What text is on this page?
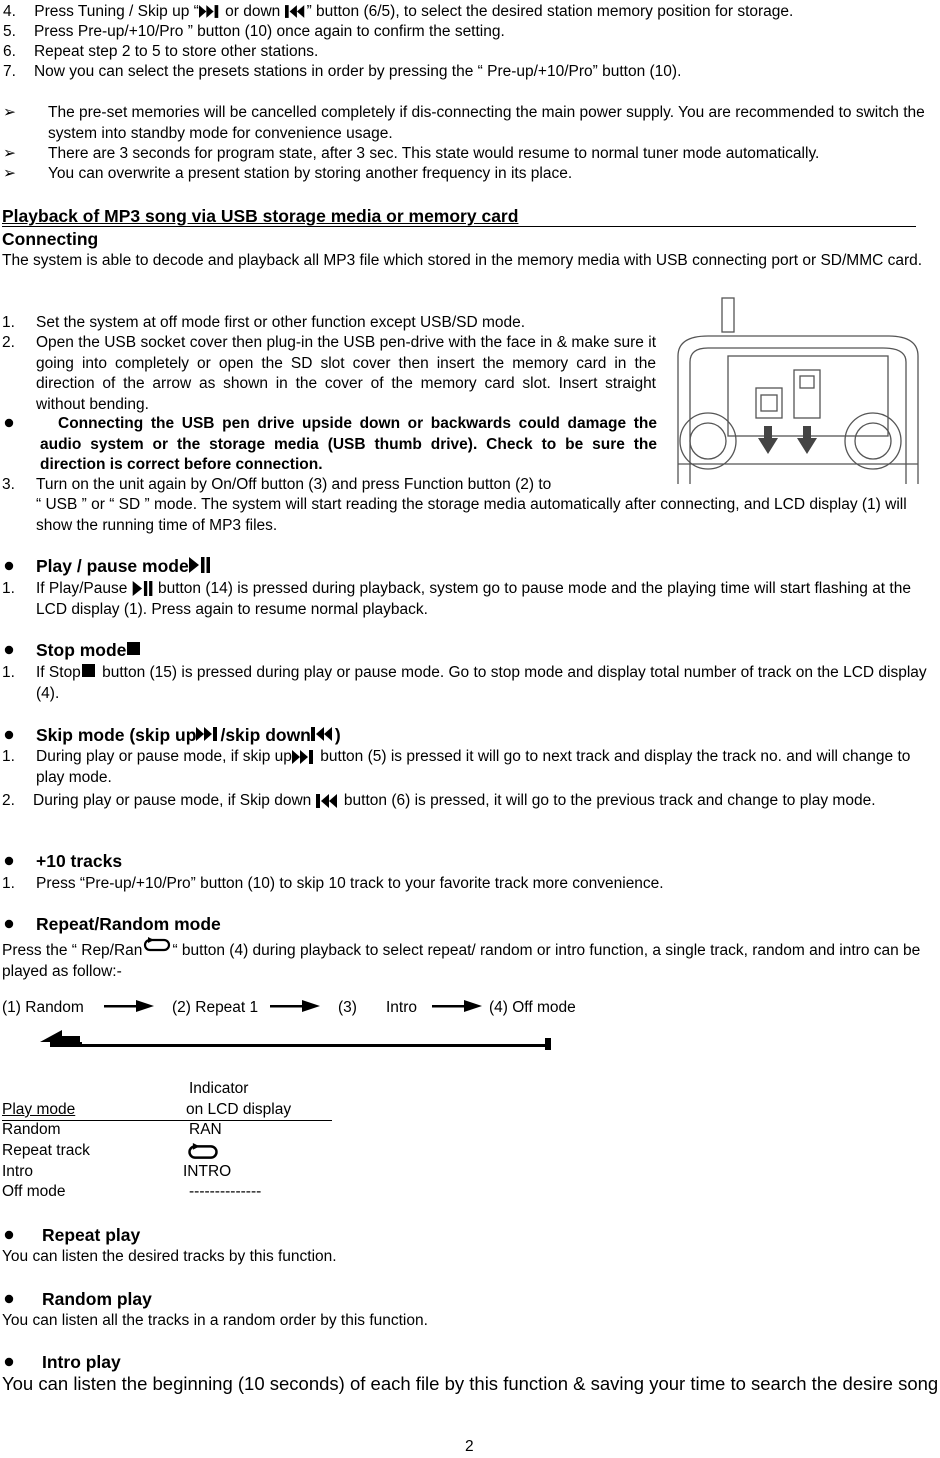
4. Press Tuning / Skip up “ or down ” button (6/5), to select the desired station memory position for storage.
5. Press Pre-up/+10/Pro ” button (10) once again to confirm the setting.
6. Repeat step 2 to 5 to store other stations.
7. Now you can select the presets stations in order by pressing the “ Pre-up/+10/Pro” button (10).
➢ The pre-set memories will be cancelled completely if dis-connecting the main power supply. You are recommended to switch the system into standby mode for convenience usage.
➢ There are 3 seconds for program state, after 3 sec. This state would resume to normal tuner mode automatically.
➢ You can overwrite a present station by storing another frequency in its place.
Playback of MP3 song via USB storage media or memory card
Connecting
The system is able to decode and playback all MP3 file which stored in the memory media with USB connecting port or SD/MMC card.
1. Set the system at off mode first or other function except USB/SD mode.
2. Open the USB socket cover then plug-in the USB pen-drive with the face in & make sure it going into completely or open the SD slot cover then insert the memory card in the direction of the arrow as shown in the cover of the memory card slot. Insert straight without bending.
Connecting the USB pen drive upside down or backwards could damage the audio system or the storage media (USB thumb drive). Check to be sure the direction is correct before connection.
3. Turn on the unit again by On/Off button (3) and press Function button (2) to
“ USB ” or “ SD ” mode. The system will start reading the storage media automatically after connecting, and LCD display (1) will show the running time of MP3 files.
Play / pause mode
1. If Play/Pause  button (14) is pressed during playback, system go to pause mode and the playing time will start flashing at the LCD display (1). Press again to resume normal playback.
Stop mode
1. If Stop button (15) is pressed during play or pause mode. Go to stop mode and display total number of track on the LCD display (4).
Skip mode (skip up /skip down )
1. During play or pause mode, if skip up button (5) is pressed it will go to next track and display the track no. and will change to play mode.
2. During play or pause mode, if Skip down  button (6) is pressed, it will go to the previous track and change to play mode.
+10 tracks
1. Press “Pre-up/+10/Pro” button (10) to skip 10 track to your favorite track more convenience.
Repeat/Random mode
Press the “ Rep/Ran “ button (4) during playback to select repeat/ random or intro function, a single track, random and intro can be played as follow:-
(1) Random	(2) Repeat 1	(3) Intro	(4) Off mode
Indicator
Play mode	on LCD display
Random	RAN
Repeat track
Intro	INTRO
Off mode	--------------
Repeat play
You can listen the desired tracks by this function.
Random play
You can listen all the tracks in a random order by this function.
Intro play
You can listen the beginning (10 seconds) of each file by this function & saving your time to search the desire song
2
